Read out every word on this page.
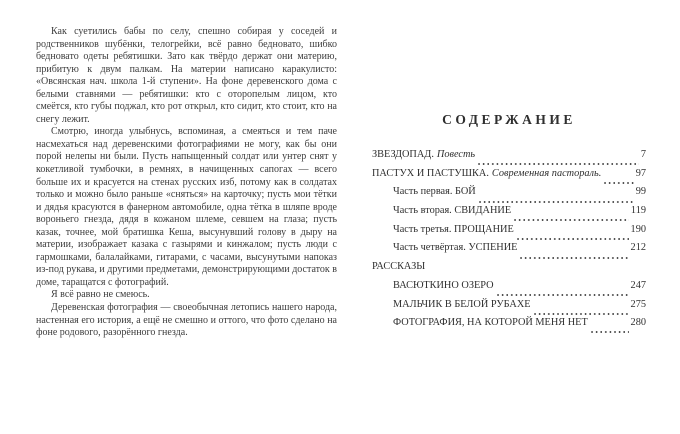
Как суетились бабы по селу, спешно собирая у соседей и родственников шубёнки, телогрейки, всё равно бедновато, шибко бедновато одеты ребятишки. Зато как твёрдо держат они материю, прибитую к двум палкам. На материи написано каракулисто: «Овсянская нач. школа 1-й ступени». На фоне деревенского дома с белыми ставнями — ребятишки: кто с оторопелым лицом, кто смеётся, кто губы поджал, кто рот открыл, кто сидит, кто стоит, кто на снегу лежит.

Смотрю, иногда улыбнусь, вспоминая, а смеяться и тем паче насмехаться над деревенскими фотографиями не могу, как бы они порой нелепы ни были. Пусть напыщенный солдат или унтер снят у кокетливой тумбочки, в ремнях, в начищенных сапогах — всего больше их и красуется на стенах русских изб, потому как в солдатах только и можно было раньше «сняться» на карточку; пусть мои тётки и дядья красуются в фанерном автомобиле, одна тётка в шляпе вроде вороньего гнезда, дядя в кожаном шлеме, севшем на глаза; пусть казак, точнее, мой братишка Кеша, высунувший голову в дыру на материи, изображает казака с газырями и кинжалом; пусть люди с гармошками, балалайками, гитарами, с часами, высунутыми напоказ из-под рукава, и другими предметами, демонстрирующими достаток в доме, таращатся с фотографий.

Я всё равно не смеюсь.

Деревенская фотография — своеобычная летопись нашего народа, настенная его история, а ещё не смешно и оттого, что фото сделано на фоне родового, разорённого гнезда.

СОДЕРЖАНИЕ
ЗВЕЗДОПАД. Повесть	7
ПАСТУХ И ПАСТУШКА. Современная пастораль.	97
Часть первая. БОЙ	99
Часть вторая. СВИДАНИЕ	119
Часть третья. ПРОЩАНИЕ	190
Часть четвёртая. УСПЕНИЕ	212
РАССКАЗЫ
ВАСЮТКИНО ОЗЕРО	247
МАЛЬЧИК В БЕЛОЙ РУБАХЕ	275
ФОТОГРАФИЯ, НА КОТОРОЙ МЕНЯ НЕТ	280
